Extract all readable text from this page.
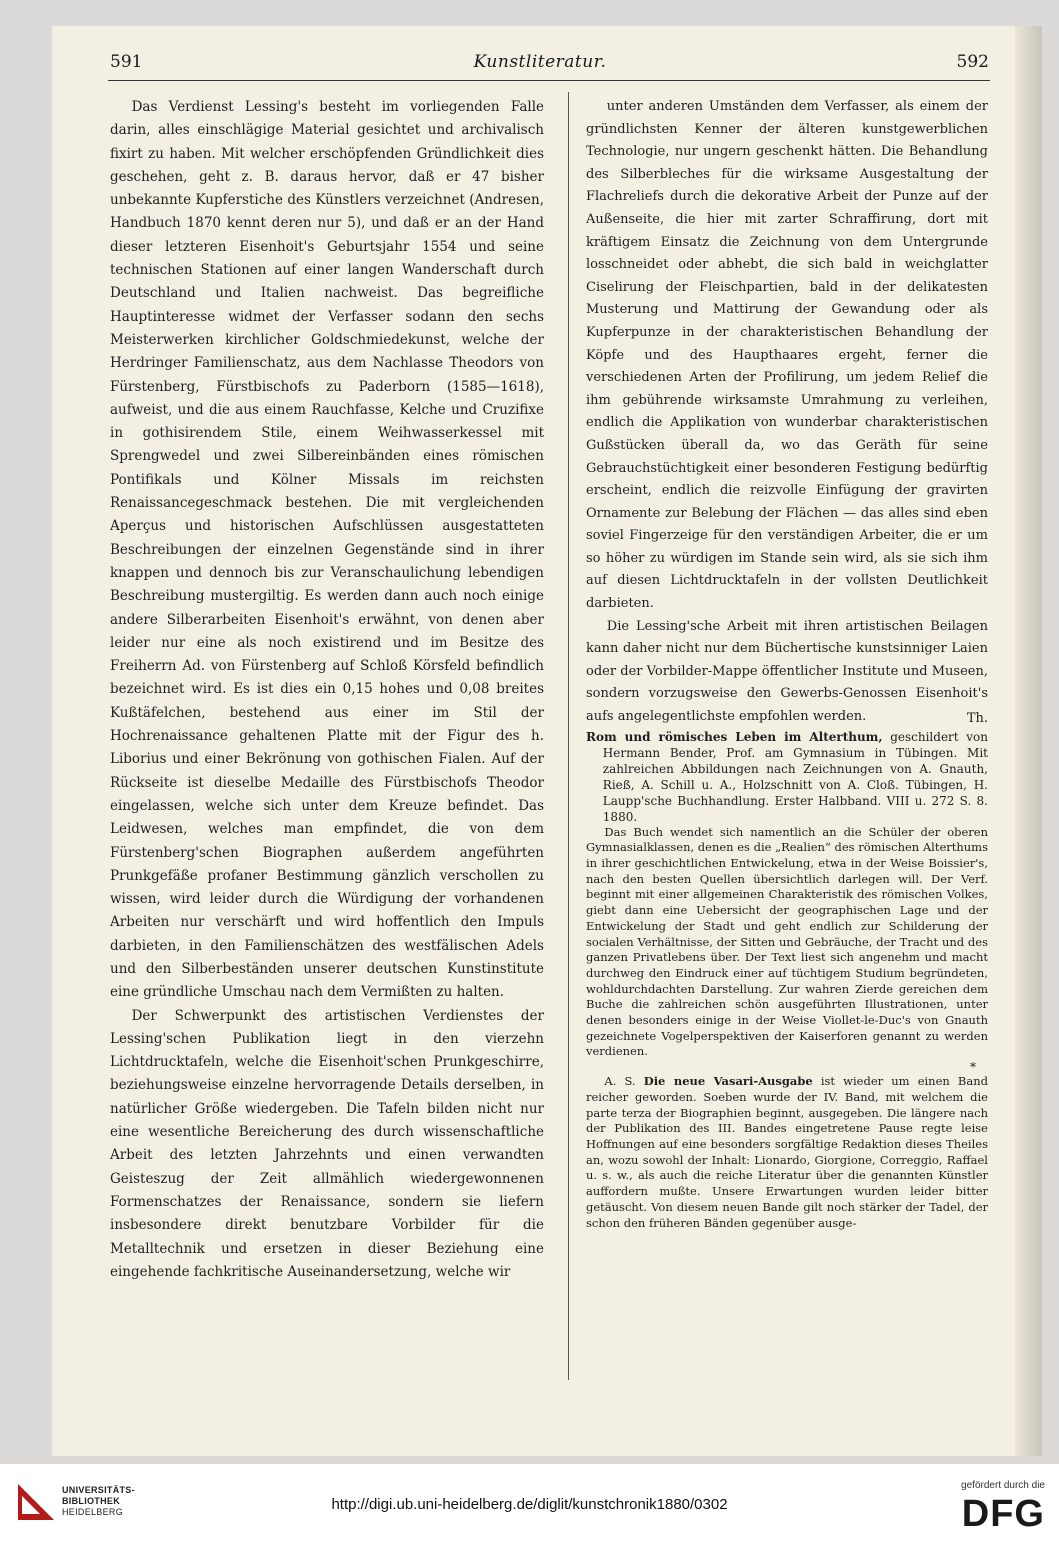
591	Kunstliteratur.	592

Das Verdienst Lessing's besteht im vorliegenden Falle darin, alles einschlägige Material gesichtet und archivalisch fixirt zu haben. Mit welcher erschöpfenden Gründlichkeit dies geschehen, geht z. B. daraus hervor, daß er 47 bisher unbekannte Kupferstiche des Künstlers verzeichnet (Andresen, Handbuch 1870 kennt deren nur 5), und daß er an der Hand dieser letzteren Eisenhoit's Geburtsjahr 1554 und seine technischen Stationen auf einer langen Wanderschaft durch Deutschland und Italien nachweist. Das begreifliche Hauptinteresse widmet der Verfasser sodann den sechs Meisterwerken kirchlicher Goldschmiedekunst, welche der Herdringer Familienschatz, aus dem Nachlasse Theodors von Fürstenberg, Fürstbischofs zu Paderborn (1585—1618), aufweist, und die aus einem Rauchfasse, Kelche und Cruzifixe in gothisirendem Stile, einem Weihwasserkessel mit Sprengwedel und zwei Silbereinbänden eines römischen Pontifikals und Kölner Missals im reichsten Renaissancegeschmack bestehen. Die mit vergleichenden Aperçus und historischen Aufschlüssen ausgestatteten Beschreibungen der einzelnen Gegenstände sind in ihrer knappen und dennoch bis zur Veranschaulichung lebendigen Beschreibung mustergiltig. Es werden dann auch noch einige andere Silberarbeiten Eisenhoit's erwähnt, von denen aber leider nur eine als noch existirend und im Besitze des Freiherrn Ad. von Fürstenberg auf Schloß Körsfeld befindlich bezeichnet wird. Es ist dies ein 0,15 hohes und 0,08 breites Kußtäfelchen, bestehend aus einer im Stil der Hochrenaissance gehaltenen Platte mit der Figur des h. Liborius und einer Bekrönung von gothischen Fialen. Auf der Rückseite ist dieselbe Medaille des Fürstbischofs Theodor eingelassen, welche sich unter dem Kreuze befindet. Das Leidwesen, welches man empfindet, die von dem Fürstenberg'schen Biographen außerdem angeführten Prunkgefäße profaner Bestimmung gänzlich verschollen zu wissen, wird leider durch die Würdigung der vorhandenen Arbeiten nur verschärft und wird hoffentlich den Impuls darbieten, in den Familienschätzen des westfälischen Adels und den Silberbeständen unserer deutschen Kunstinstitute eine gründliche Umschau nach dem Vermißten zu halten.

Der Schwerpunkt des artistischen Verdienstes der Lessing'schen Publikation liegt in den vierzehn Lichtdrucktafeln, welche die Eisenhoit'schen Prunkgeschirre, beziehungsweise einzelne hervorragende Details derselben, in natürlicher Größe wiedergeben. Die Tafeln bilden nicht nur eine wesentliche Bereicherung des durch wissenschaftliche Arbeit des letzten Jahrzehnts und einen verwandten Geisteszug der Zeit allmählich wiedergewonnenen Formenschatzes der Renaissance, sondern sie liefern insbesondere direkt benutzbare Vorbilder für die Metalltechnik und ersetzen in dieser Beziehung eine eingehende fachkritische Auseinandersetzung, welche wir

unter anderen Umständen dem Verfasser, als einem der gründlichsten Kenner der älteren kunstgewerblichen Technologie, nur ungern geschenkt hätten. Die Behandlung des Silberbleches für die wirksame Ausgestaltung der Flachreliefs durch die dekorative Arbeit der Punze auf der Außenseite, die hier mit zarter Schraffirung, dort mit kräftigem Einsatz die Zeichnung von dem Untergrunde losschneidet oder abhebt, die sich bald in weichglatter Ciselirung der Fleischpartien, bald in der delikatesten Musterung und Mattirung der Gewandung oder als Kupferpunze in der charakteristischen Behandlung der Köpfe und des Haupthaares ergeht, ferner die verschiedenen Arten der Profilirung, um jedem Relief die ihm gebührende wirksamste Umrahmung zu verleihen, endlich die Applikation von wunderbar charakteristischen Gußstücken überall da, wo das Geräth für seine Gebrauchstüchtigkeit einer besonderen Festigung bedürftig erscheint, endlich die reizvolle Einfügung der gravirten Ornamente zur Belebung der Flächen — das alles sind eben soviel Fingerzeige für den verständigen Arbeiter, die er um so höher zu würdigen im Stande sein wird, als sie sich ihm auf diesen Lichtdrucktafeln in der vollsten Deutlichkeit darbieten.

Die Lessing'sche Arbeit mit ihren artistischen Beilagen kann daher nicht nur dem Büchertische kunstsinniger Laien oder der Vorbilder-Mappe öffentlicher Institute und Museen, sondern vorzugsweise den Gewerbs-Genossen Eisenhoit's aufs angelegentlichste empfohlen werden.	Th.

Rom und römisches Leben im Alterthum, geschildert von Hermann Bender, Prof. am Gymnasium in Tübingen. Mit zahlreichen Abbildungen nach Zeichnungen von A. Gnauth, Rieß, A. Schill u. A., Holzschnitt von A. Cloß. Tübingen, H. Laupp'sche Buchhandlung. Erster Halbband. VIII u. 272 S. 8. 1880.

Das Buch wendet sich namentlich an die Schüler der oberen Gymnasialklassen, denen es die „Realien“ des römischen Alterthums in ihrer geschichtlichen Entwickelung, etwa in der Weise Boissier's, nach den besten Quellen übersichtlich darlegen will. Der Verf. beginnt mit einer allgemeinen Charakteristik des römischen Volkes, giebt dann eine Uebersicht der geographischen Lage und der Entwickelung der Stadt und geht endlich zur Schilderung der socialen Verhältnisse, der Sitten und Gebräuche, der Tracht und des ganzen Privatlebens über. Der Text liest sich angenehm und macht durchweg den Eindruck einer auf tüchtigem Studium begründeten, wohldurchdachten Darstellung. Zur wahren Zierde gereichen dem Buche die zahlreichen schön ausgeführten Illustrationen, unter denen besonders einige in der Weise Viollet-le-Duc's von Gnauth gezeichnete Vogelperspektiven der Kaiserforen genannt zu werden verdienen.

*

A. S. Die neue Vasari-Ausgabe ist wieder um einen Band reicher geworden. Soeben wurde der IV. Band, mit welchem die parte terza der Biographien beginnt, ausgegeben. Die längere nach der Publikation des III. Bandes eingetretene Pause regte leise Hoffnungen auf eine besonders sorgfältige Redaktion dieses Theiles an, wozu sowohl der Inhalt: Lionardo, Giorgione, Correggio, Raffael u. s. w., als auch die reiche Literatur über die genannten Künstler auffordern mußte. Unsere Erwartungen wurden leider bitter getäuscht. Von diesem neuen Bande gilt noch stärker der Tadel, der schon den früheren Bänden gegenüber ausge-

UNIVERSITÄTS-
BIBLIOTHEK
HEIDELBERG	http://digi.ub.uni-heidelberg.de/diglit/kunstchronik1880/0302
gefördert durch die
DFG
